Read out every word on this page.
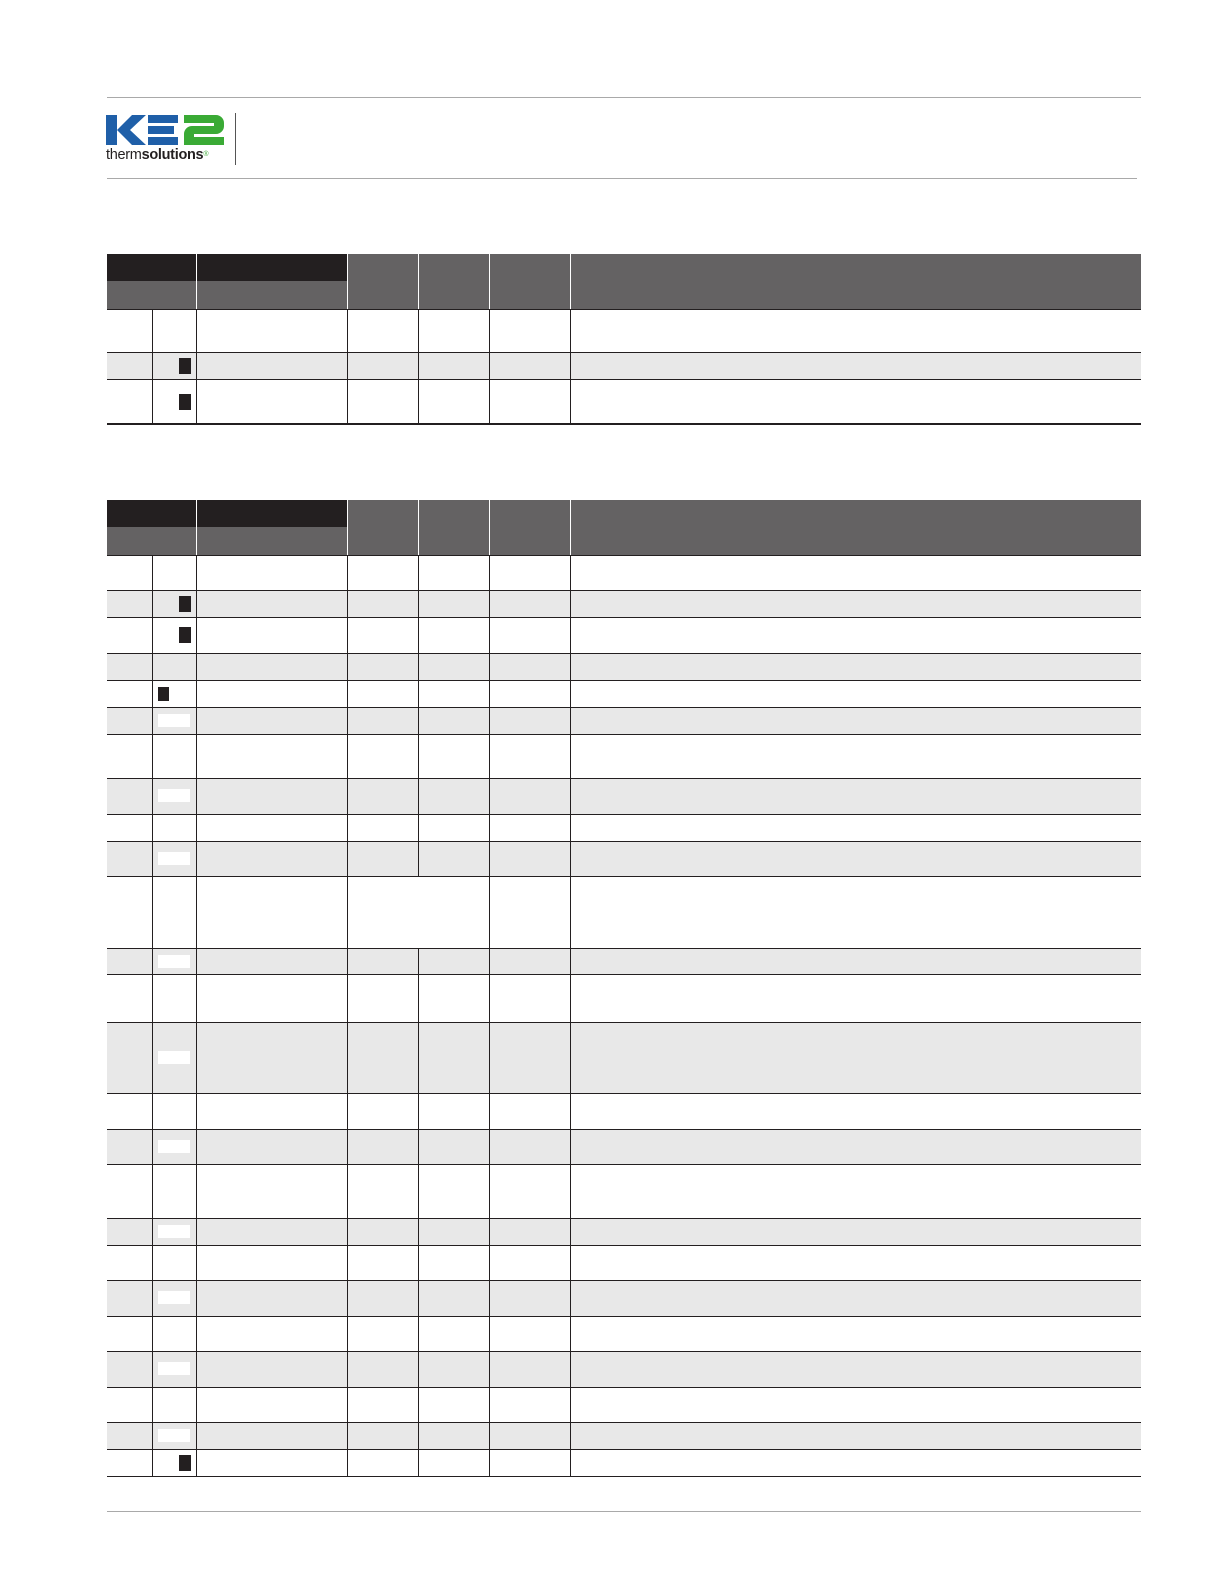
thermsolutions®
